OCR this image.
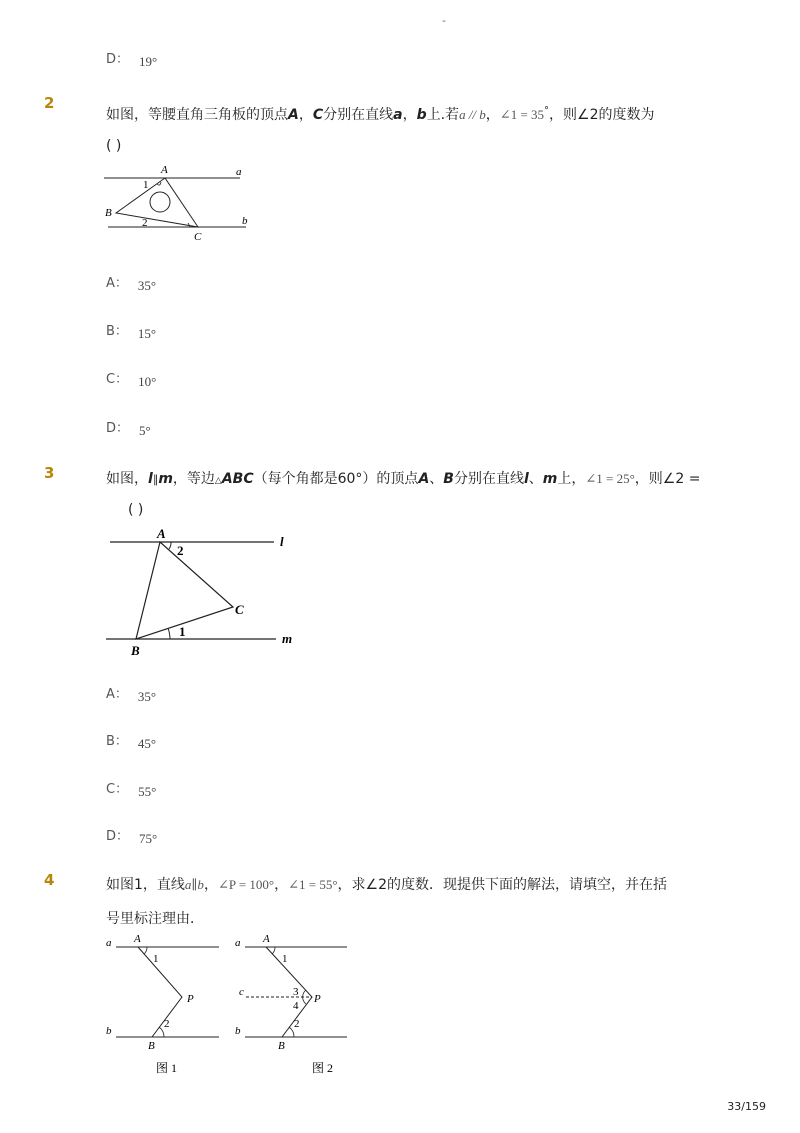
-
D： 19°
2
如图，等腰直角三角板的顶点A，C分别在直线a，b上.若a // b，∠1 = 35°，则∠2的度数为
( )
A
B
C
a
b
1
2
A： 35°
B： 15°
C： 10°
D： 5°
3	如图，l∥m，等边△ABC（每个角都是60°）的顶点A、B分别在直线l、m上，∠1 = 25°，则∠2 =
( )
A
B
C
l
m
2
1
A： 35°
B： 45°
C： 55°
D： 75°
4	如图1，直线a∥b，∠P = 100°，∠1 = 55°，求∠2的度数．现提供下面的解法，请填空，并在括
号里标注理由．
a
b
A
B
P
1
2
图 1
a
b
c
A
B
P
1
2
3
4
图 2
33/159
